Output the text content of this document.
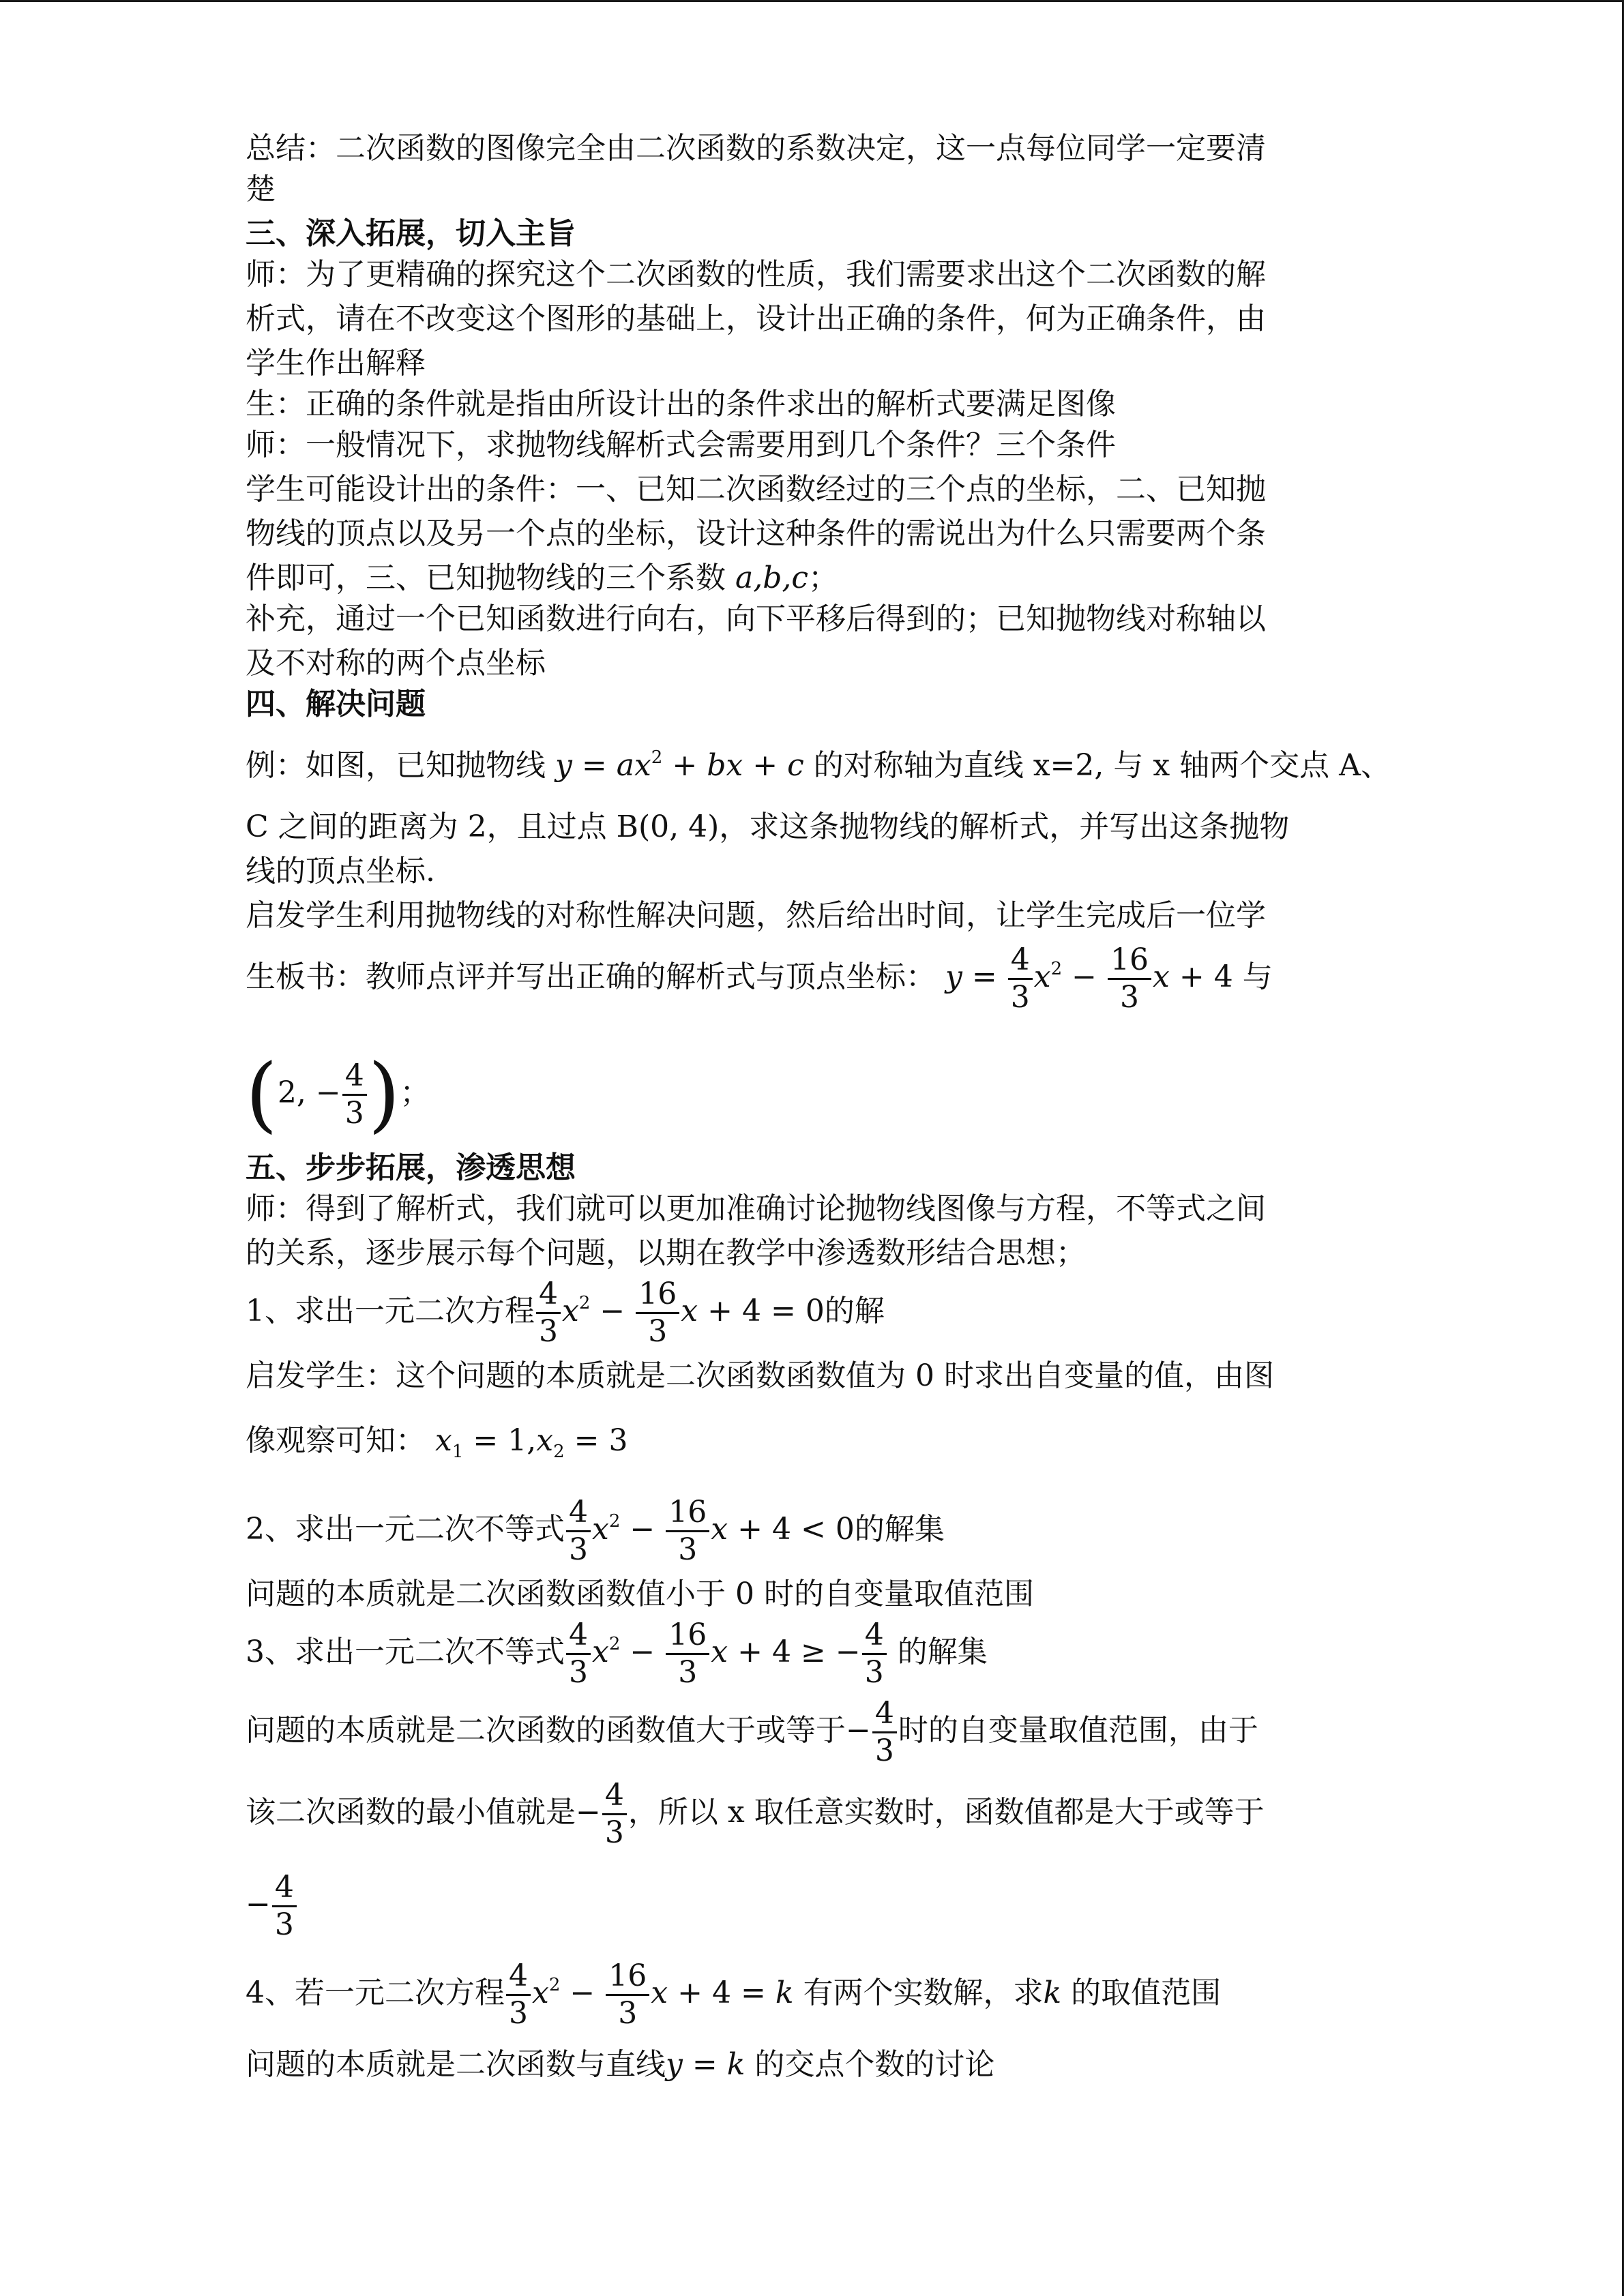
总结：二次函数的图像完全由二次函数的系数决定，这一点每位同学一定要清
楚
三、深入拓展，切入主旨
师：为了更精确的探究这个二次函数的性质，我们需要求出这个二次函数的解
析式，请在不改变这个图形的基础上，设计出正确的条件，何为正确条件，由
学生作出解释
生：正确的条件就是指由所设计出的条件求出的解析式要满足图像
师：一般情况下，求抛物线解析式会需要用到几个条件？三个条件
学生可能设计出的条件：一、已知二次函数经过的三个点的坐标，二、已知抛
物线的顶点以及另一个点的坐标，设计这种条件的需说出为什么只需要两个条
件即可，三、已知抛物线的三个系数 a,b,c；
补充，通过一个已知函数进行向右，向下平移后得到的；已知抛物线对称轴以
及不对称的两个点坐标
四、解决问题
例：如图，已知抛物线 $y = ax^2$ + bx + c 的对称轴为直线 x=2, 与 x 轴两个交点 A、
C 之间的距离为 2，且过点 B(0, 4)，求这条抛物线的解析式，并写出这条抛物
线的顶点坐标.
启发学生利用抛物线的对称性解决问题，然后给出时间，让学生完成后一位学
生板书：教师点评并写出正确的解析式与顶点坐标： $y = \frac{4}{3} x^2 - \frac{16}{3}$ x + 4 与
(2, − $\frac{4}{3}$ )；
五、步步拓展，渗透思想
师：得到了解析式，我们就可以更加准确讨论抛物线图像与方程，不等式之间
的关系，逐步展示每个问题，以期在教学中渗透数形结合思想；
1、求出一元二次方程 $\frac{4}{3} x^2 - \frac{16}{3}$ x + 4 = 0的解
启发学生：这个问题的本质就是二次函数函数值为 0 时求出自变量的值，由图
像观察可知： $x_1 = 1,x_2 = 3$
2、求出一元二次不等式 $\frac{4}{3} x^2 - \frac{16}{3}$ x + 4 < 0的解集
问题的本质就是二次函数函数值小于 0 时的自变量取值范围
3、求出一元二次不等式 $\frac{4}{3} x^2 - \frac{16}{3}$ x + 4 ≥ − $\frac{4}{3}$ 的解集
问题的本质就是二次函数的函数值大于或等于− $\frac{4}{3}$ 时的自变量取值范围，由于
该二次函数的最小值就是− $\frac{4}{3}$ ，所以 x 取任意实数时，函数值都是大于或等于
− $\frac{4}{3}$
4、若一元二次方程 $\frac{4}{3} x^2 - \frac{16}{3}$ x + 4 = k 有两个实数解，求k 的取值范围
问题的本质就是二次函数与直线y = k 的交点个数的讨论
